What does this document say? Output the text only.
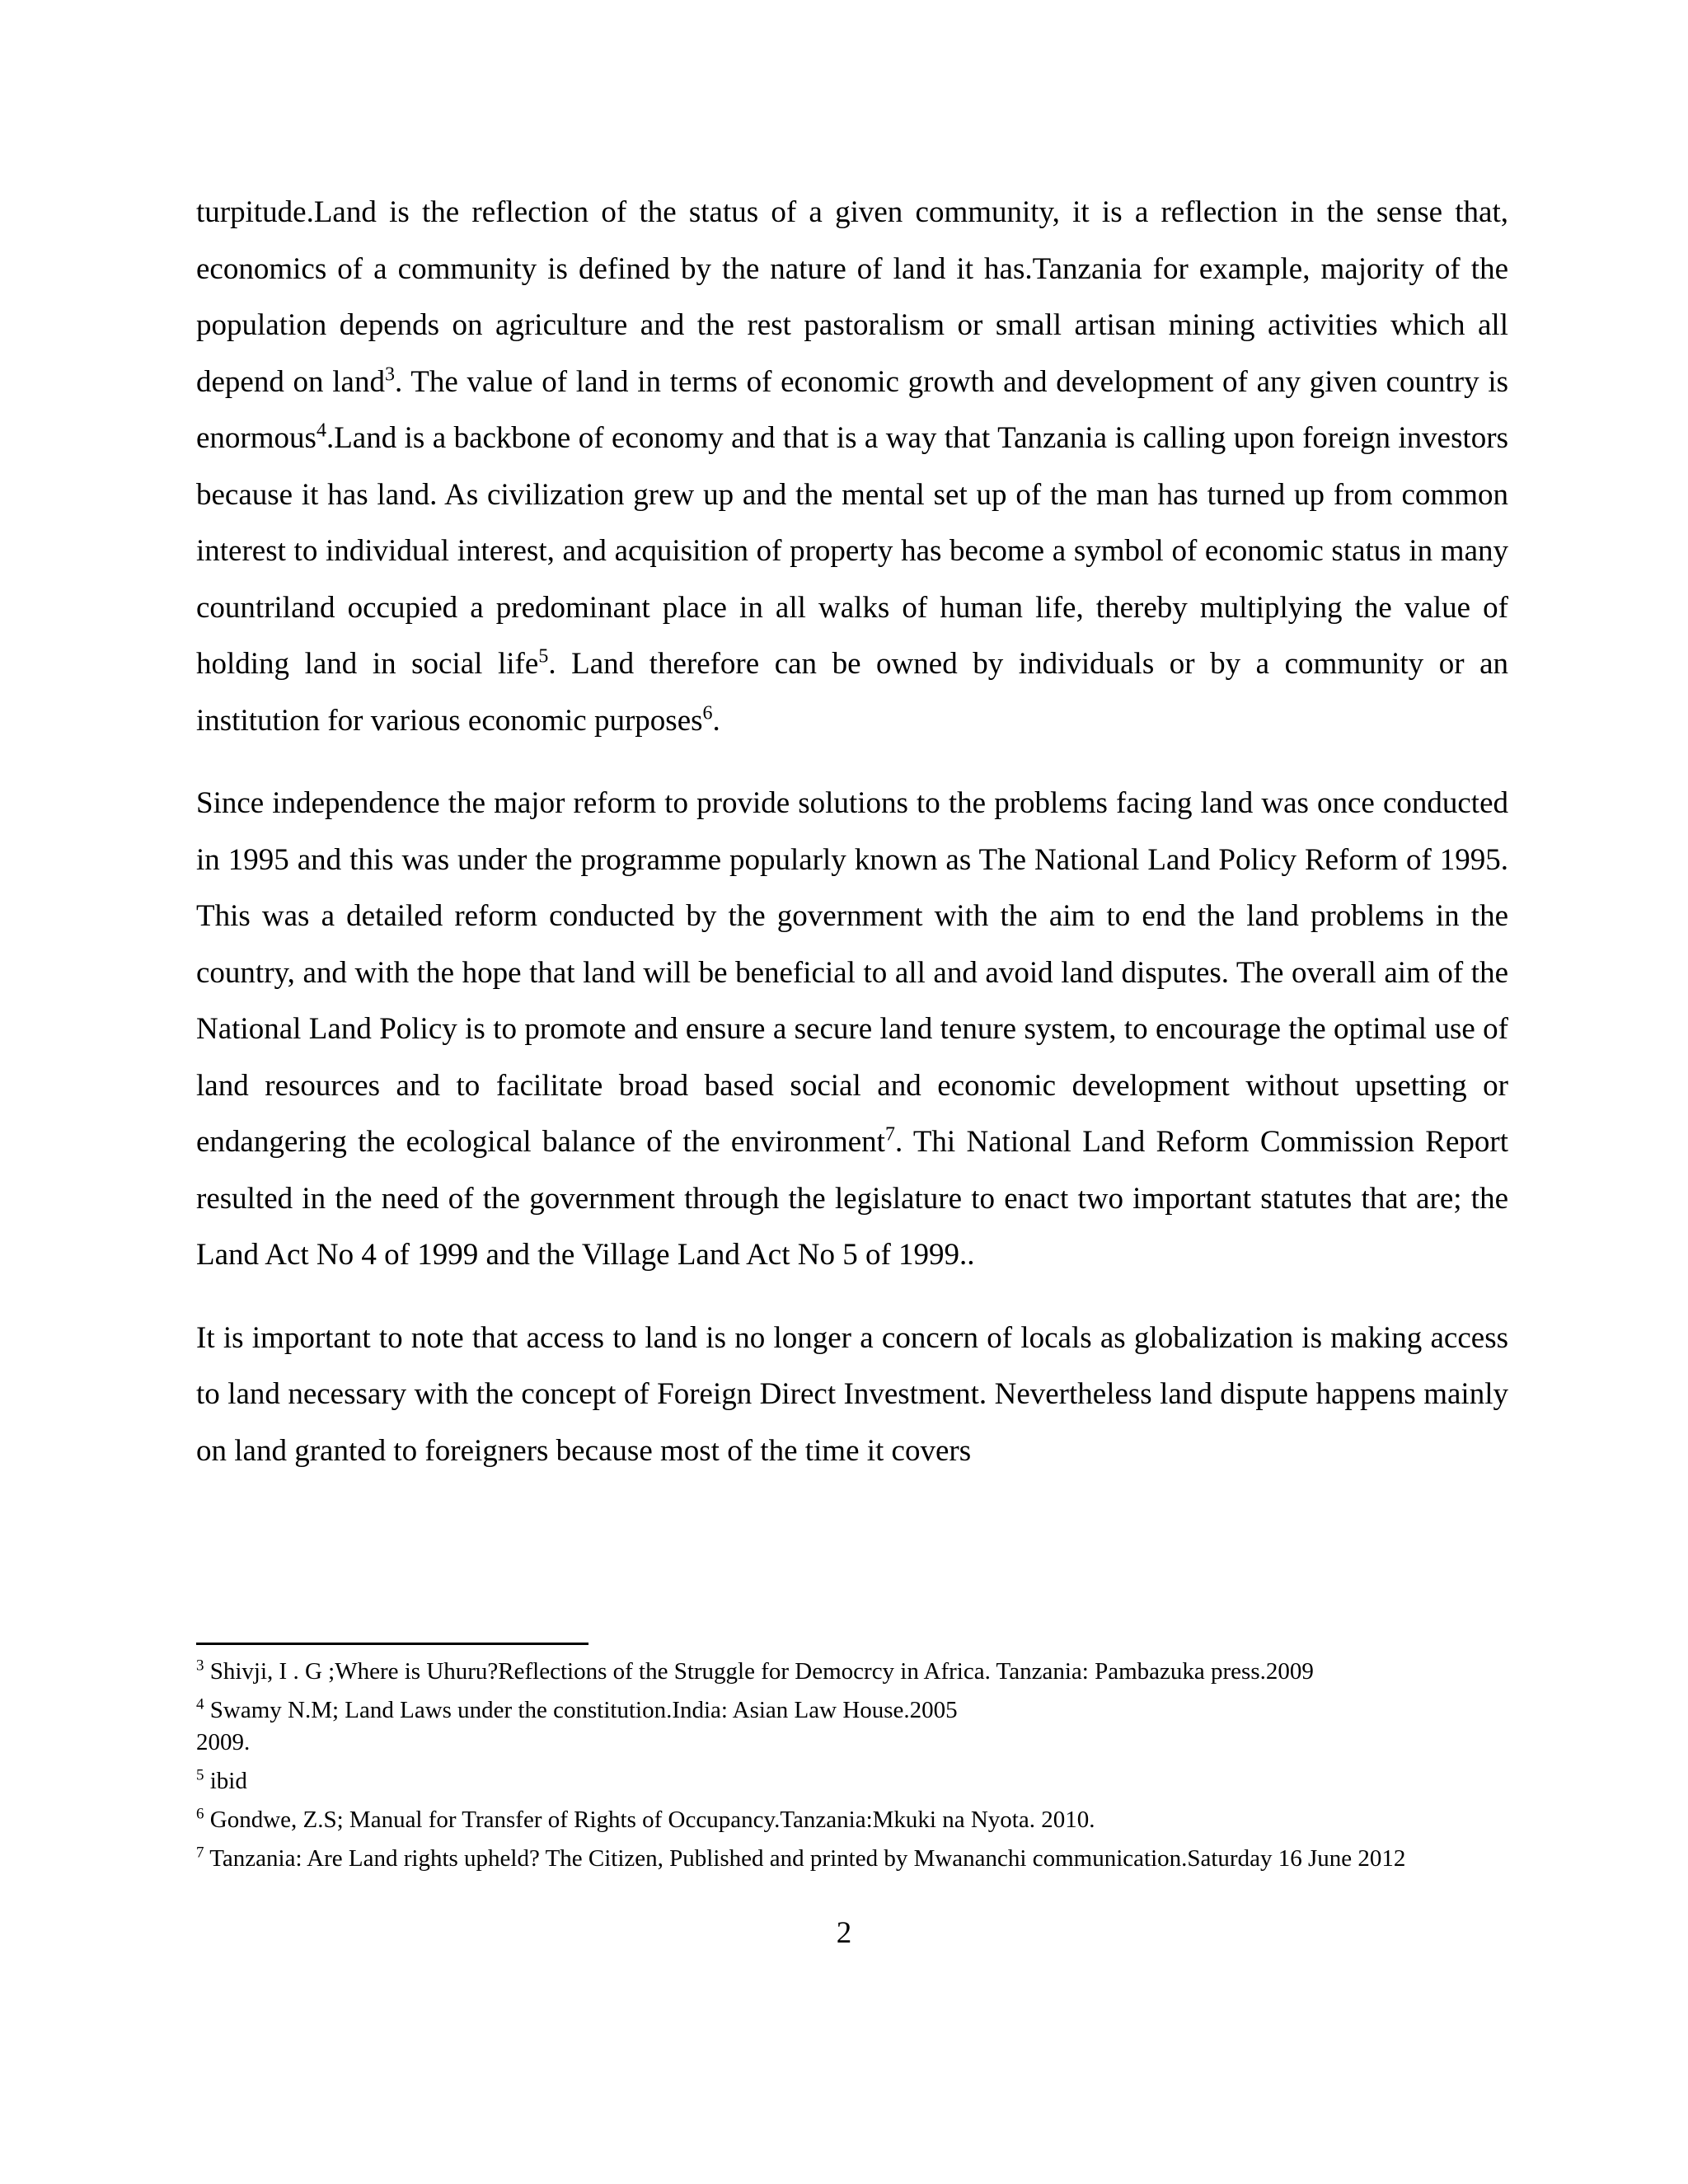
turpitude.Land is the reflection of the status of a given community, it is a reflection in the sense that, economics of a community is defined by the nature of land it has.Tanzania for example, majority of the population depends on agriculture and the rest pastoralism or small artisan mining activities which all depend on land$^3$. The value of land in terms of economic growth and development of any given country is enormous$^4$.Land is a backbone of economy and that is a way that Tanzania is calling upon foreign investors because it has land. As civilization grew up and the mental set up of the man has turned up from common interest to individual interest, and acquisition of property has become a symbol of economic status in many countriland occupied a predominant place in all walks of human life, thereby multiplying the value of holding land in social life$^5$. Land therefore can be owned by individuals or by a community or an institution for various economic purposes$^6$.

Since independence the major reform to provide solutions to the problems facing land was once conducted in 1995 and this was under the programme popularly known as The National Land Policy Reform of 1995. This was a detailed reform conducted by the government with the aim to end the land problems in the country, and with the hope that land will be beneficial to all and avoid land disputes. The overall aim of the National Land Policy is to promote and ensure a secure land tenure system, to encourage the optimal use of land resources and to facilitate broad based social and economic development without upsetting or endangering the ecological balance of the environment$^7$. Thi National Land Reform Commission Report resulted in the need of the government through the legislature to enact two important statutes that are; the Land Act No 4 of 1999 and the Village Land Act No 5 of 1999..

It is important to note that access to land is no longer a concern of locals as globalization is making access to land necessary with the concept of Foreign Direct Investment. Nevertheless land dispute happens mainly on land granted to foreigners because most of the time it covers

$^3$ Shivji, I . G ;Where is Uhuru?Reflections of the Struggle for Democrcy in Africa. Tanzania: Pambazuka press.2009
$^4$ Swamy N.M; Land Laws under the constitution.India: Asian Law House.2005
2009.
$^5$ ibid
$^6$ Gondwe, Z.S; Manual for Transfer of Rights of Occupancy.Tanzania:Mkuki na Nyota. 2010.
$^7$ Tanzania: Are Land rights upheld? The Citizen, Published and printed by Mwananchi communication.Saturday 16 June 2012
2
